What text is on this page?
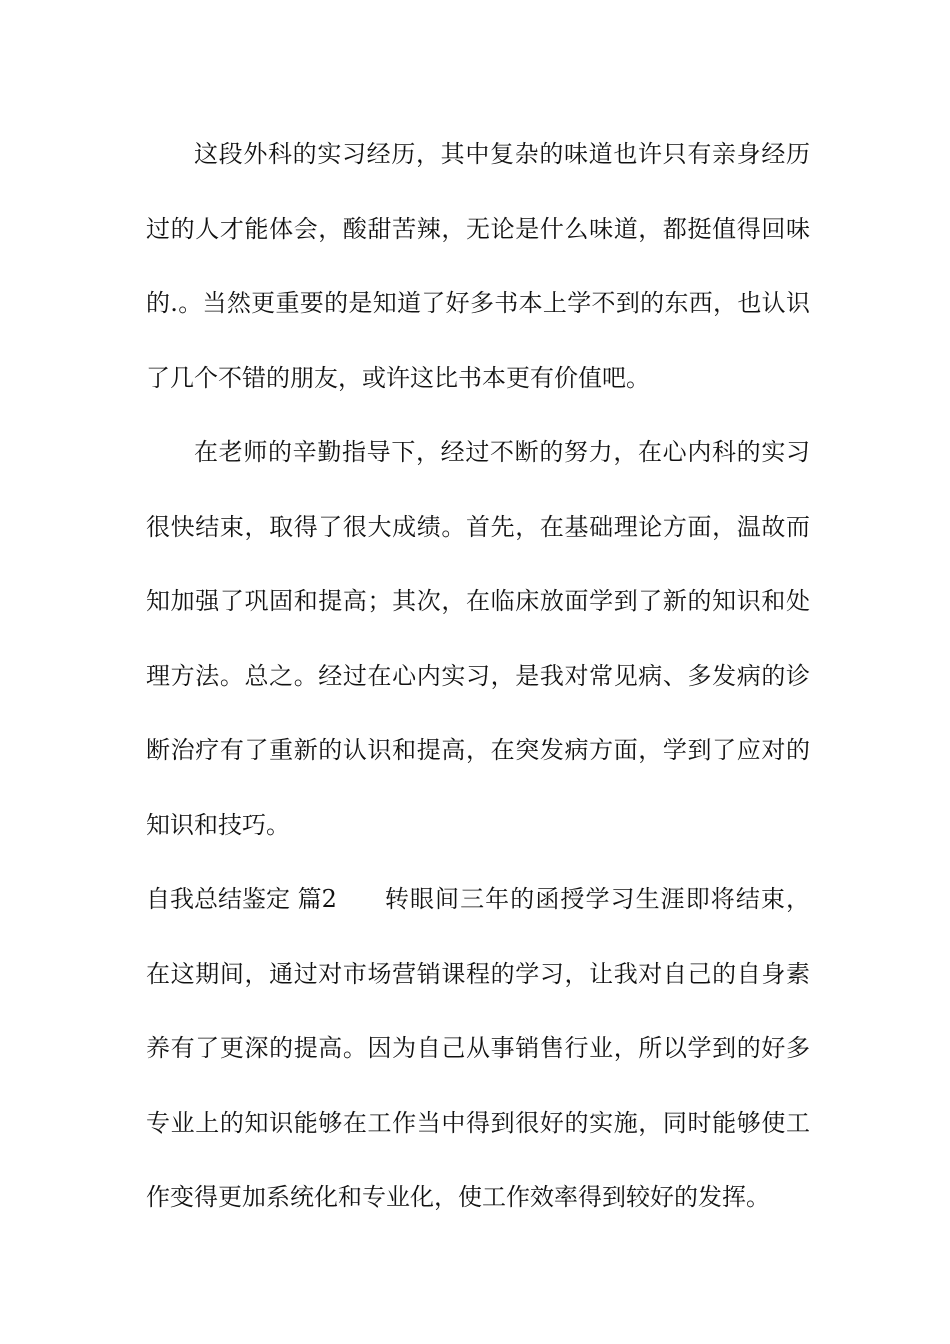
这段外科的实习经历，其中复杂的味道也许只有亲身经历
过的人才能体会，酸甜苦辣，无论是什么味道，都挺值得回味
的.。当然更重要的是知道了好多书本上学不到的东西，也认识
了几个不错的朋友，或许这比书本更有价值吧。
在老师的辛勤指导下，经过不断的努力，在心内科的实习
很快结束，取得了很大成绩。首先，在基础理论方面，温故而
知加强了巩固和提高；其次，在临床放面学到了新的知识和处
理方法。总之。经过在心内实习，是我对常见病、多发病的诊
断治疗有了重新的认识和提高，在突发病方面，学到了应对的
知识和技巧。
自我总结鉴定 篇2 转眼间三年的函授学习生涯即将结束，
在这期间，通过对市场营销课程的学习，让我对自己的自身素
养有了更深的提高。因为自己从事销售行业，所以学到的好多
专业上的知识能够在工作当中得到很好的实施，同时能够使工
作变得更加系统化和专业化，使工作效率得到较好的发挥。
